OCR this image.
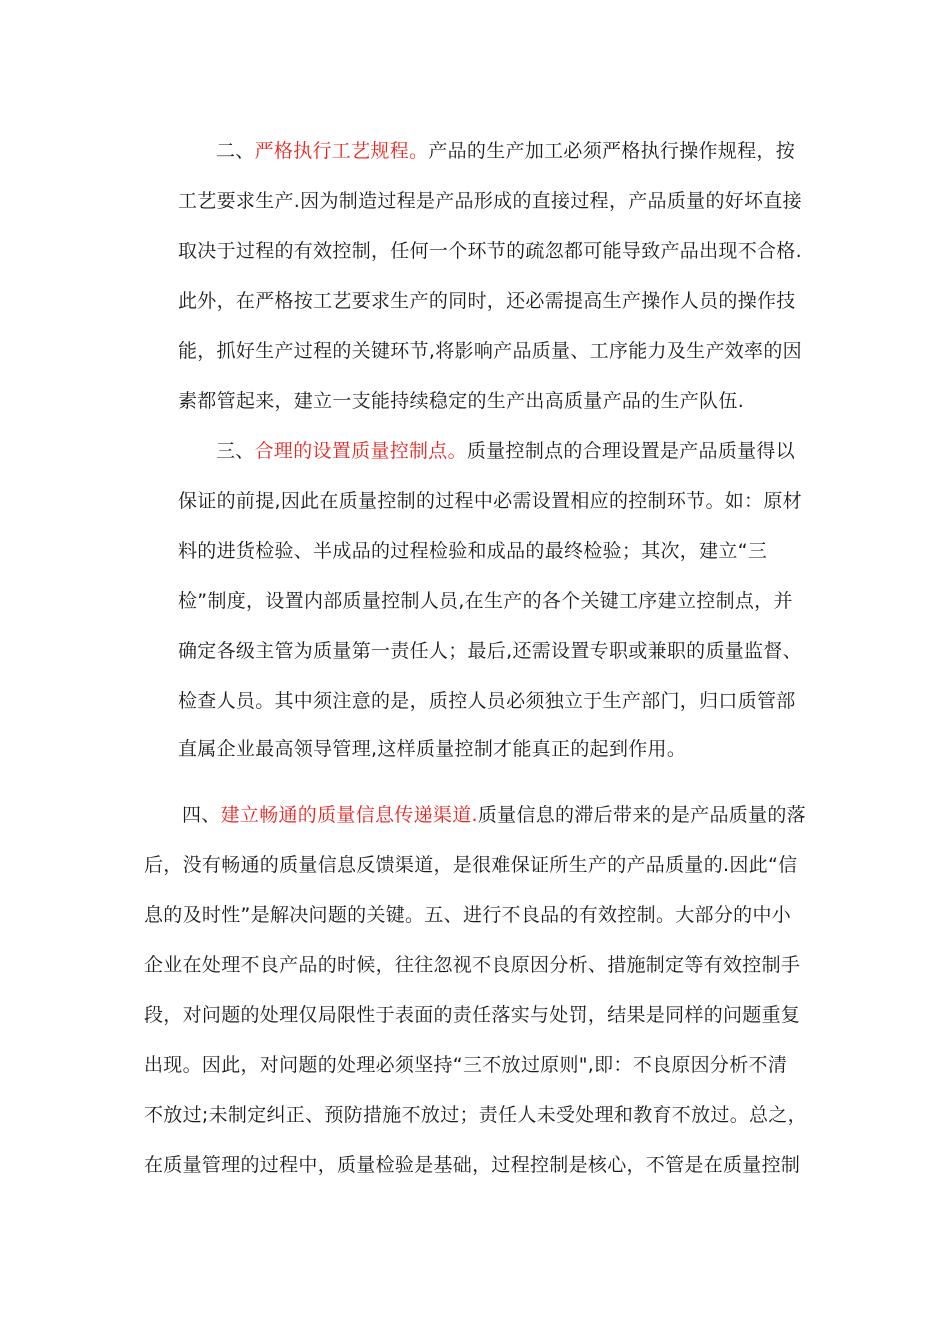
二、严格执行工艺规程。产品的生产加工必须严格执行操作规程，按
工艺要求生产.因为制造过程是产品形成的直接过程，产品质量的好坏直接
取决于过程的有效控制，任何一个环节的疏忽都可能导致产品出现不合格.
此外，在严格按工艺要求生产的同时，还必需提高生产操作人员的操作技
能，抓好生产过程的关键环节,将影响产品质量、工序能力及生产效率的因
素都管起来，建立一支能持续稳定的生产出高质量产品的生产队伍.
三、合理的设置质量控制点。质量控制点的合理设置是产品质量得以
保证的前提,因此在质量控制的过程中必需设置相应的控制环节。如：原材
料的进货检验、半成品的过程检验和成品的最终检验；其次，建立“三
检”制度，设置内部质量控制人员,在生产的各个关键工序建立控制点，并
确定各级主管为质量第一责任人；最后,还需设置专职或兼职的质量监督、
检查人员。其中须注意的是，质控人员必须独立于生产部门，归口质管部
直属企业最高领导管理,这样质量控制才能真正的起到作用。
四、建立畅通的质量信息传递渠道.质量信息的滞后带来的是产品质量的落
后，没有畅通的质量信息反馈渠道，是很难保证所生产的产品质量的.因此“信
息的及时性”是解决问题的关键。五、进行不良品的有效控制。大部分的中小
企业在处理不良产品的时候，往往忽视不良原因分析、措施制定等有效控制手
段，对问题的处理仅局限性于表面的责任落实与处罚，结果是同样的问题重复
出现。因此，对问题的处理必须坚持“三不放过原则",即：不良原因分析不清
不放过;未制定纠正、预防措施不放过；责任人未受处理和教育不放过。总之，
在质量管理的过程中，质量检验是基础，过程控制是核心，不管是在质量控制
